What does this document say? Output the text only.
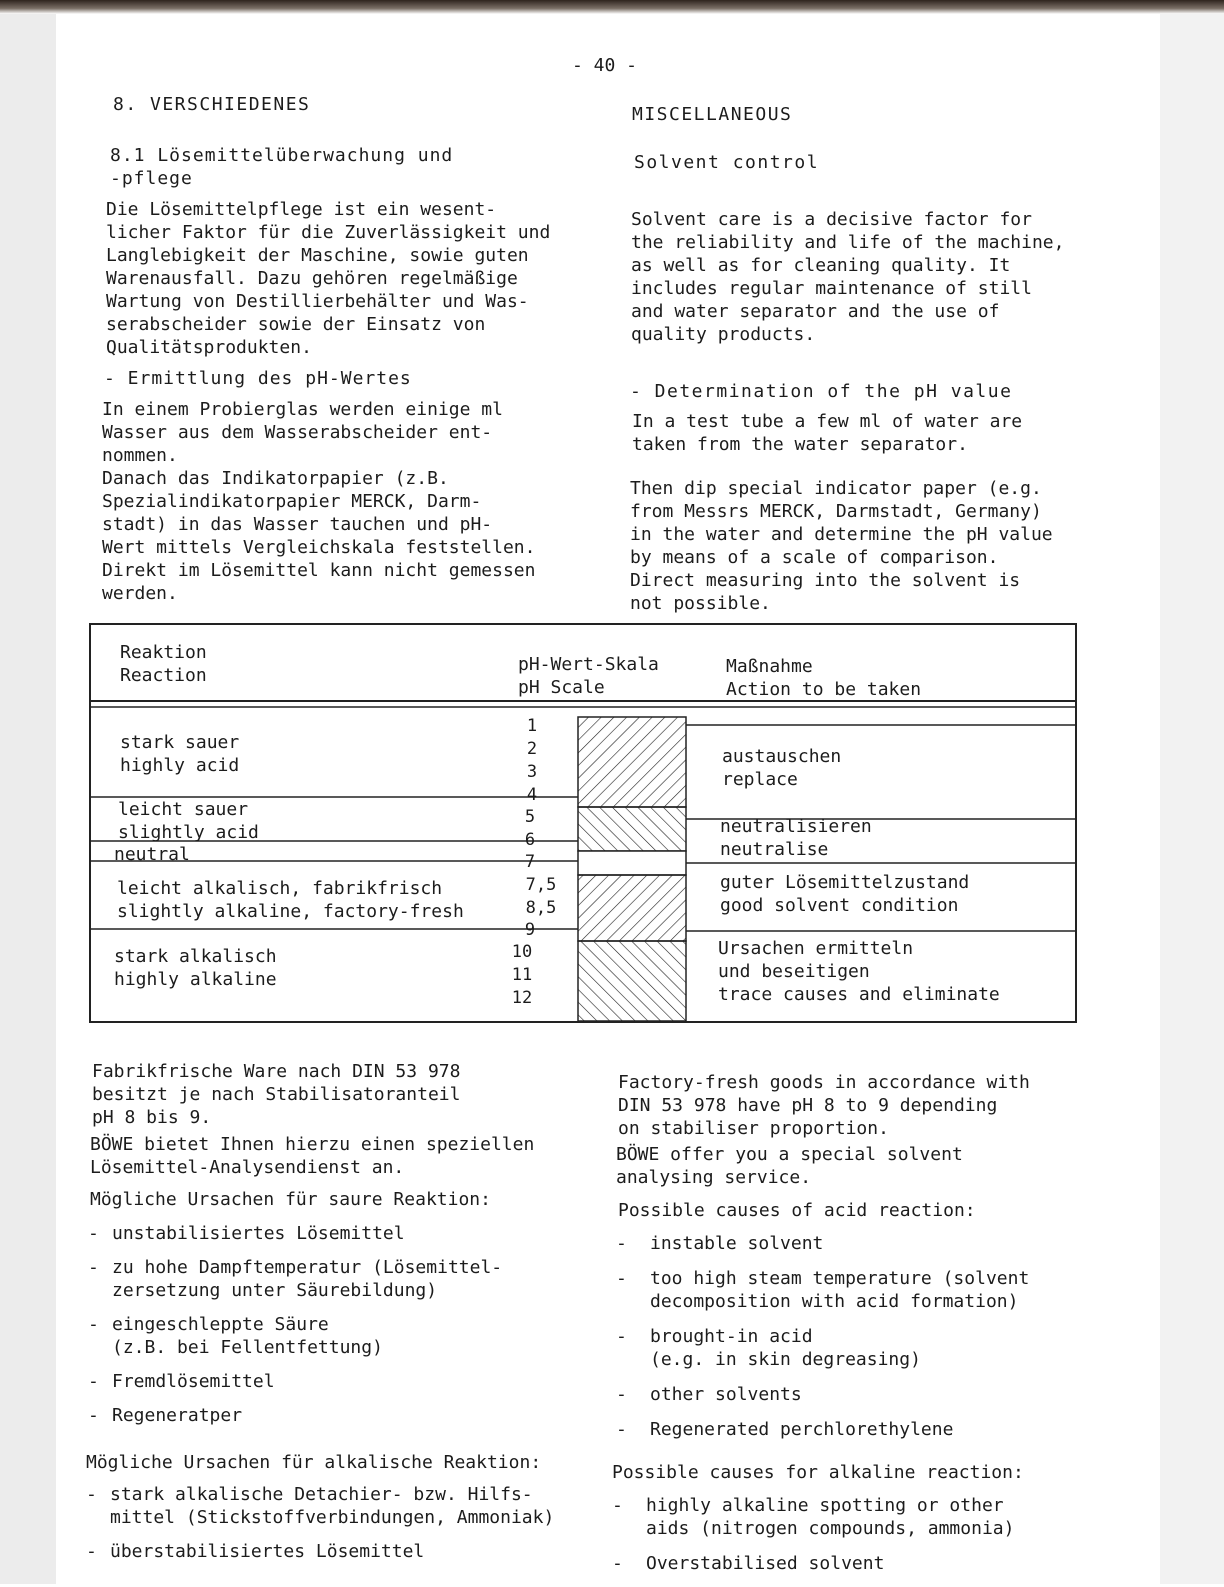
- 40 -
8. VERSCHIEDENES
8.1 Lösemittelüberwachung und
-pflege
Die Lösemittelpflege ist ein wesent-
licher Faktor für die Zuverlässigkeit und
Langlebigkeit der Maschine, sowie guten
Warenausfall. Dazu gehören regelmäßige
Wartung von Destillierbehälter und Was-
serabscheider sowie der Einsatz von
Qualitätsprodukten.
- Ermittlung des pH-Wertes
In einem Probierglas werden einige ml
Wasser aus dem Wasserabscheider ent-
nommen.
Danach das Indikatorpapier (z.B.
Spezialindikatorpapier MERCK, Darm-
stadt) in das Wasser tauchen und pH-
Wert mittels Vergleichskala feststellen.
Direkt im Lösemittel kann nicht gemessen
werden.
MISCELLANEOUS
Solvent control
Solvent care is a decisive factor for
the reliability and life of the machine,
as well as for cleaning quality. It
includes regular maintenance of still
and water separator and the use of
quality products.
- Determination of the pH value
In a test tube a few ml of water are
taken from the water separator.
Then dip special indicator paper (e.g.
from Messrs MERCK, Darmstadt, Germany)
in the water and determine the pH value
by means of a scale of comparison.
Direct measuring into the solvent is
not possible.
Reaktion
Reaction
pH-Wert-Skala
pH Scale
Maßnahme
Action to be taken
stark sauer
highly acid
leicht sauer
slightly acid
neutral
leicht alkalisch, fabrikfrisch
slightly alkaline, factory-fresh
stark alkalisch
highly alkaline
1
2
3
4
5
6
7
7,5
8,5
9
10
11
12
austauschen
replace
neutralisieren
neutralise
guter Lösemittelzustand
good solvent condition
Ursachen ermitteln
und beseitigen
trace causes and eliminate
Fabrikfrische Ware nach DIN 53 978
besitzt je nach Stabilisatoranteil
pH 8 bis 9.
BÖWE bietet Ihnen hierzu einen speziellen
Lösemittel-Analysendienst an.
Mögliche Ursachen für saure Reaktion:
- unstabilisiertes Lösemittel
- zu hohe Dampftemperatur (Lösemittel-
zersetzung unter Säurebildung)
- eingeschleppte Säure
(z.B. bei Fellentfettung)
- Fremdlösemittel
- Regeneratper
Mögliche Ursachen für alkalische Reaktion:
- stark alkalische Detachier- bzw. Hilfs-
mittel (Stickstoffverbindungen, Ammoniak)
- überstabilisiertes Lösemittel
Factory-fresh goods in accordance with
DIN 53 978 have pH 8 to 9 depending
on stabiliser proportion.
BÖWE offer you a special solvent
analysing service.
Possible causes of acid reaction:
- instable solvent
- too high steam temperature (solvent
decomposition with acid formation)
- brought-in acid
(e.g. in skin degreasing)
- other solvents
- Regenerated perchlorethylene
Possible causes for alkaline reaction:
- highly alkaline spotting or other
aids (nitrogen compounds, ammonia)
- Overstabilised solvent
